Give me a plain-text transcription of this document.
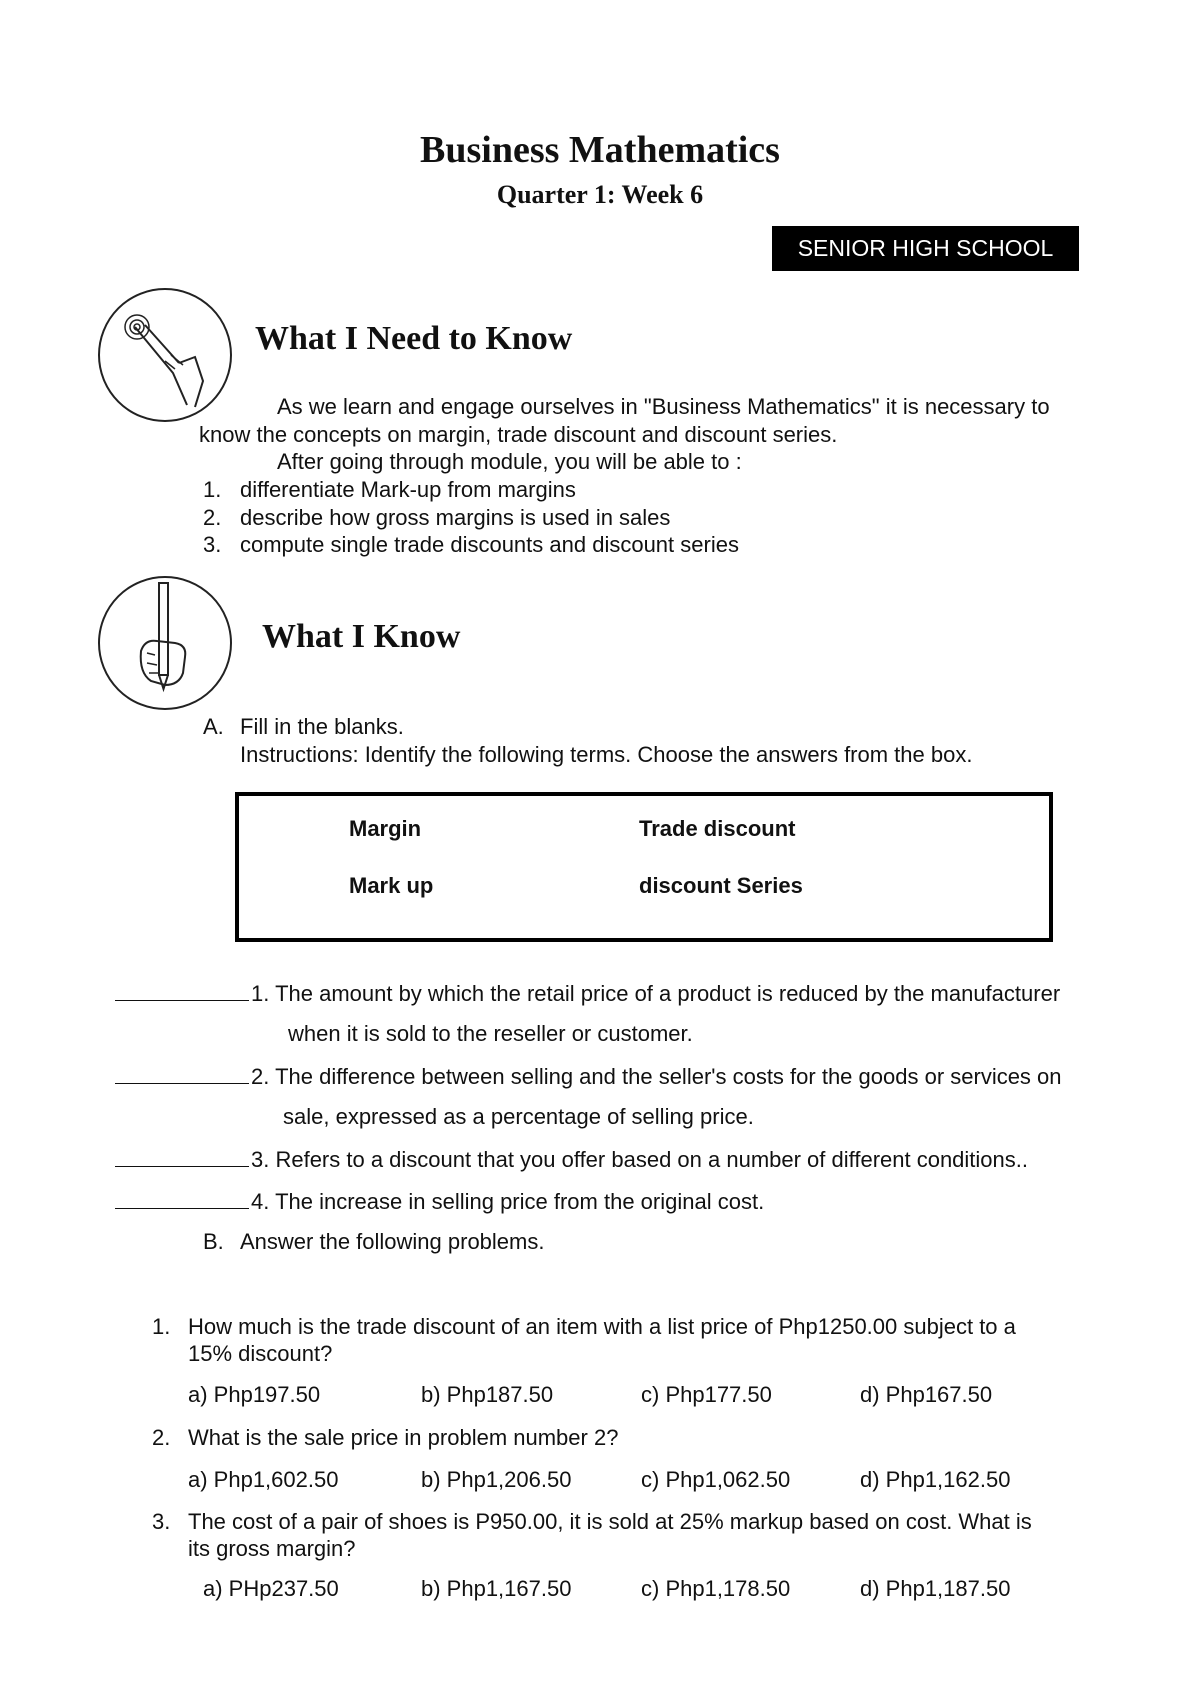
Business Mathematics
Quarter 1: Week 6
SENIOR HIGH SCHOOL
What I Need to Know
As we learn and engage ourselves in "Business Mathematics" it is necessary to
know the concepts on margin, trade discount and discount series.
After going through module, you will be able to :
1. differentiate Mark-up from margins
2. describe how gross margins is used in sales
3. compute single trade discounts and discount series
What I Know
A. Fill in the blanks.
Instructions: Identify the following terms. Choose the answers from the box.
Margin	Trade discount
Mark up	discount Series
1. The amount by which the retail price of a product is reduced by the manufacturer
when it is sold to the reseller or customer.
2. The difference between selling and the seller's costs for the goods or services on
sale, expressed as a percentage of selling price.
3. Refers to a discount that you offer based on a number of different conditions..
4. The increase in selling price from the original cost.
B. Answer the following problems.
1. How much is the trade discount of an item with a list price of Php1250.00 subject to a
15% discount?
a) Php197.50	b) Php187.50	c) Php177.50	d) Php167.50
2. What is the sale price in problem number 2?
a) Php1,602.50	b) Php1,206.50	c) Php1,062.50	d) Php1,162.50
3. The cost of a pair of shoes is P950.00, it is sold at 25% markup based on cost. What is
its gross margin?
a) PHp237.50	b) Php1,167.50	c) Php1,178.50	d) Php1,187.50
